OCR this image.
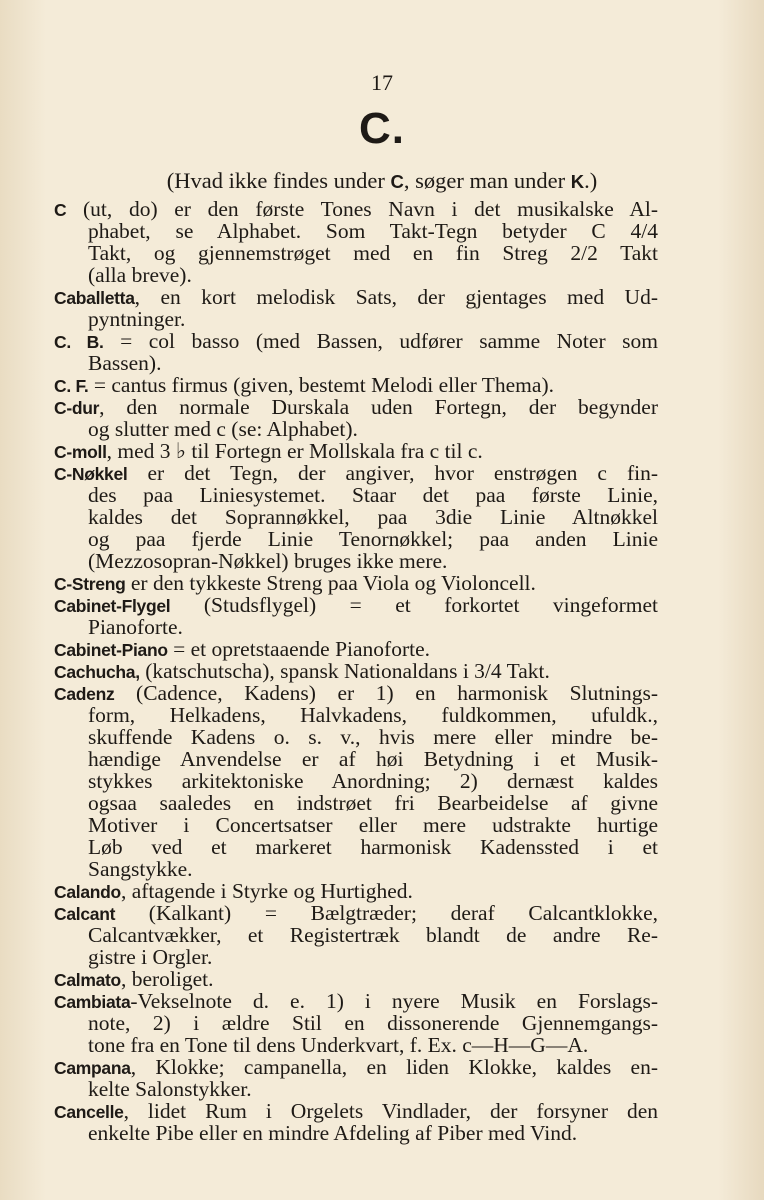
17
C.
(Hvad ikke findes under C, søger man under K.)
C (ut, do) er den første Tones Navn i det musikalske Al-
phabet, se Alphabet. Som Takt-Tegn betyder C 4/4
Takt, og gjennemstrøget med en fin Streg 2/2 Takt
(alla breve).
Caballetta, en kort melodisk Sats, der gjentages med Ud-
pyntninger.
C. B. = col basso (med Bassen, udfører samme Noter som
Bassen).
C. F. = cantus firmus (given, bestemt Melodi eller Thema).
C-dur, den normale Durskala uden Fortegn, der begynder
og slutter med c (se: Alphabet).
C-moll, med 3 ♭ til Fortegn er Mollskala fra c til c.
C-Nøkkel er det Tegn, der angiver, hvor enstrøgen c fin-
des paa Liniesystemet. Staar det paa første Linie,
kaldes det Soprannøkkel, paa 3die Linie Altnøkkel
og paa fjerde Linie Tenornøkkel; paa anden Linie
(Mezzosopran-Nøkkel) bruges ikke mere.
C-Streng er den tykkeste Streng paa Viola og Violoncell.
Cabinet-Flygel (Studsflygel) = et forkortet vingeformet
Pianoforte.
Cabinet-Piano = et opretstaaende Pianoforte.
Cachucha, (katschutscha), spansk Nationaldans i 3/4 Takt.
Cadenz (Cadence, Kadens) er 1) en harmonisk Slutnings-
form, Helkadens, Halvkadens, fuldkommen, ufuldk.,
skuffende Kadens o. s. v., hvis mere eller mindre be-
hændige Anvendelse er af høi Betydning i et Musik-
stykkes arkitektoniske Anordning; 2) dernæst kaldes
ogsaa saaledes en indstrøet fri Bearbeidelse af givne
Motiver i Concertsatser eller mere udstrakte hurtige
Løb ved et markeret harmonisk Kadenssted i et
Sangstykke.
Calando, aftagende i Styrke og Hurtighed.
Calcant (Kalkant) = Bælgtræder; deraf Calcantklokke,
Calcantvækker, et Registertræk blandt de andre Re-
gistre i Orgler.
Calmato, beroliget.
Cambiata-Vekselnote d. e. 1) i nyere Musik en Forslags-
note, 2) i ældre Stil en dissonerende Gjennemgangs-
tone fra en Tone til dens Underkvart, f. Ex. c—H—G—A.
Campana, Klokke; campanella, en liden Klokke, kaldes en-
kelte Salonstykker.
Cancelle, lidet Rum i Orgelets Vindlader, der forsyner den
enkelte Pibe eller en mindre Afdeling af Piber med Vind.
